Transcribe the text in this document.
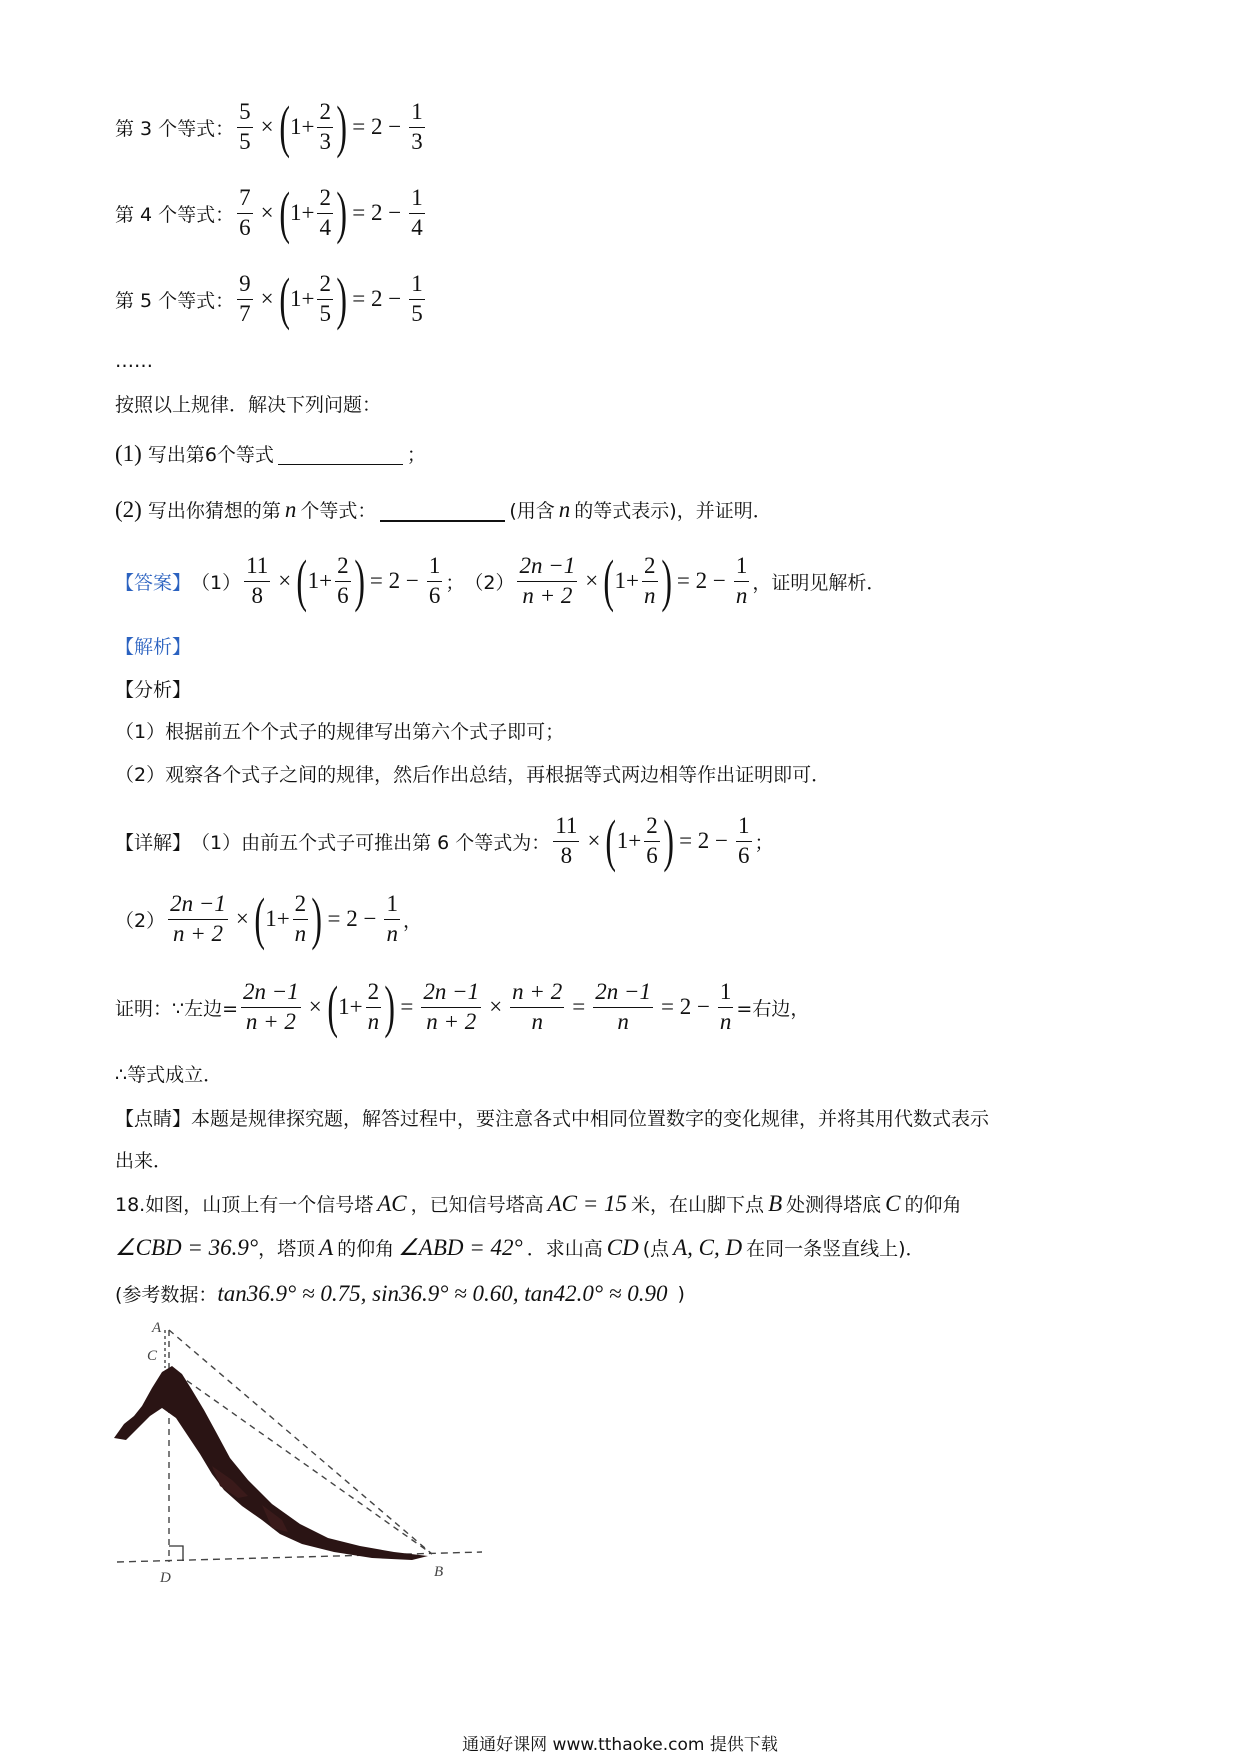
第 3 个等式： $\frac{5}{5}$ × ( $1+ \frac{2}{3}$ ) = $2 - \frac{1}{3}$
第 4 个等式： $\frac{7}{6}$ × ( $1+ \frac{2}{4}$ ) = $2 - \frac{1}{4}$
第 5 个等式： $\frac{9}{7}$ × ( $1+ \frac{2}{5}$ ) = $2 - \frac{1}{5}$
……
按照以上规律．解决下列问题：
(1) 写出第6个等式	；
(2) 写出你猜想的第 n 个等式：	(用含 n 的等式表示)，并证明．
【答案】 $(1) \frac{11}{8}$ × ( $1+ \frac{2}{6}$ ) = $2 - \frac{1}{6}$ ； $(2) \frac{2n -1}{n + 2}$ × ( $1+ \frac{2}{n}$ ) = $2 - \frac{1}{n}$ ，证明见解析．
【解析】
【分析】
（1）根据前五个个式子的规律写出第六个式子即可；
（2）观察各个式子之间的规律，然后作出总结，再根据等式两边相等作出证明即可．
【详解】 （1）由前五个式子可推出第 6 个等式为： $\frac{11}{8}$ × ( $1+ \frac{2}{6}$ ) = $2 - \frac{1}{6}$ ；
$(2) \frac{2n -1}{n + 2}$ × ( $1+ \frac{2}{n}$ ) = $2 - \frac{1}{n}$ ，
证明：∵左边= $\frac{2n -1}{n + 2}$ × ( $1+ \frac{2}{n}$ ) = $\frac{2n -1}{n + 2} \times \frac{n + 2}{n} = \frac{2n -1}{n} = 2 - \frac{1}{n}$ =右边，
∴等式成立．
【点睛】 本题是规律探究题，解答过程中，要注意各式中相同位置数字的变化规律，并将其用代数式表示
出来．
18.如图，山顶上有一个信号塔 AC ，已知信号塔高 AC = 15 米，在山脚下点 B 处测得塔底 C 的仰角
∠CBD = 36.9° ，塔顶 A 的仰角 ∠ABD = 42° ．求山高 CD (点 A, C, D 在同一条竖直线上)．
(参考数据： tan36.9° ≈ 0.75, sin36.9° ≈ 0.60, tan42.0° ≈ 0.90 )
A
C
D	B
通通好课网 www.tthaoke.com 提供下载
